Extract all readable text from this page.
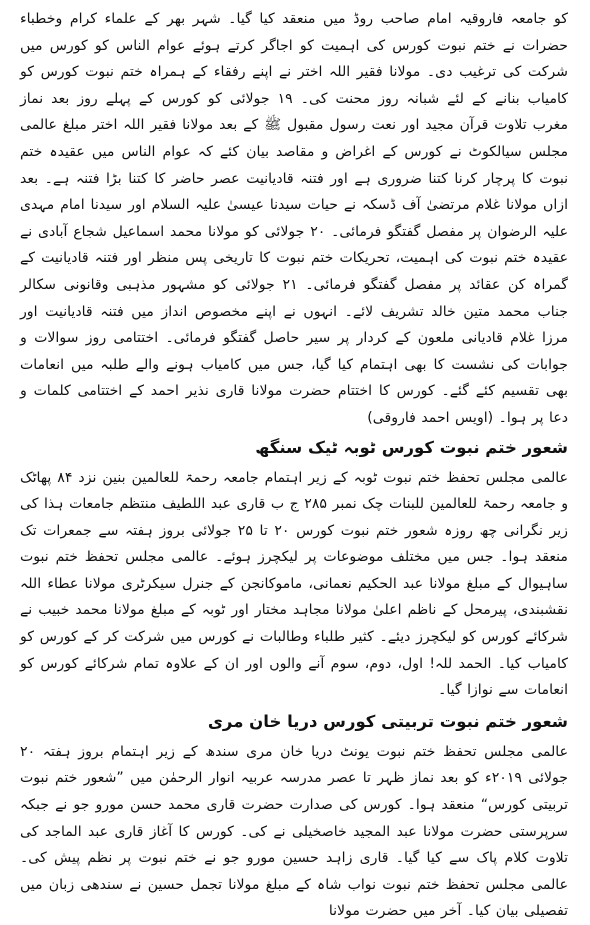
کو جامعہ فاروقیہ امام صاحب روڈ میں منعقد کیا گیا۔ شہر بھر کے علماء کرام وخطباء حضرات نے ختم نبوت کورس کی اہمیت کو اجاگر کرتے ہوئے عوام الناس کو کورس میں شرکت کی ترغیب دی۔ مولانا فقیر اللہ اختر نے اپنے رفقاء کے ہمراہ ختم نبوت کورس کو کامیاب بنانے کے لئے شبانہ روز محنت کی۔ ۱۹ جولائی کو کورس کے پہلے روز بعد نماز مغرب تلاوت قرآن مجید اور نعت رسول مقبول ﷺ کے بعد مولانا فقیر اللہ اختر مبلغ عالمی مجلس سیالکوٹ نے کورس کے اغراض و مقاصد بیان کئے کہ عوام الناس میں عقیدہ ختم نبوت کا پرچار کرنا کتنا ضروری ہے اور فتنہ قادیانیت عصر حاضر کا کتنا بڑا فتنہ ہے۔ بعد ازاں مولانا غلام مرتضیٰ آف ڈسکہ نے حیات سیدنا عیسیٰ علیہ السلام اور سیدنا امام مہدی علیہ الرضوان پر مفصل گفتگو فرمائی۔ ۲۰ جولائی کو مولانا محمد اسماعیل شجاع آبادی نے عقیدہ ختم نبوت کی اہمیت، تحریکات ختم نبوت کا تاریخی پس منظر اور فتنہ قادیانیت کے گمراہ کن عقائد پر مفصل گفتگو فرمائی۔ ۲۱ جولائی کو مشہور مذہبی وقانونی سکالر جناب محمد متین خالد تشریف لائے۔ انہوں نے اپنے مخصوص انداز میں فتنہ قادیانیت اور مرزا غلام قادیانی ملعون کے کردار پر سیر حاصل گفتگو فرمائی۔ اختتامی روز سوالات و جوابات کی نشست کا بھی اہتمام کیا گیا، جس میں کامیاب ہونے والے طلبہ میں انعامات بھی تقسیم کئے گئے۔ کورس کا اختتام حضرت مولانا قاری نذیر احمد کے اختتامی کلمات و دعا پر ہوا۔ (اویس احمد فاروقی)

شعور ختم نبوت کورس ٹوبہ ٹیک سنگھ

عالمی مجلس تحفظ ختم نبوت ٹوبہ کے زیر اہتمام جامعہ رحمۃ للعالمین بنین نزد ۸۴ پھاٹک و جامعہ رحمۃ للعالمین للبنات چک نمبر ۲۸۵ ج ب قاری عبد اللطیف منتظم جامعات ہذا کی زیر نگرانی چھ روزہ شعور ختم نبوت کورس ۲۰ تا ۲۵ جولائی بروز ہفتہ سے جمعرات تک منعقد ہوا۔ جس میں مختلف موضوعات پر لیکچرز ہوئے۔ عالمی مجلس تحفظ ختم نبوت ساہیوال کے مبلغ مولانا عبد الحکیم نعمانی، ماموکانجن کے جنرل سیکرٹری مولانا عطاء اللہ نقشبندی، پیرمحل کے ناظم اعلیٰ مولانا مجاہد مختار اور ٹوبہ کے مبلغ مولانا محمد خبیب نے شرکائے کورس کو لیکچرز دیئے۔ کثیر طلباء وطالبات نے کورس میں شرکت کر کے کورس کو کامیاب کیا۔ الحمد للہ! اول، دوم، سوم آنے والوں اور ان کے علاوہ تمام شرکائے کورس کو انعامات سے نوازا گیا۔

شعور ختم نبوت تربیتی کورس دریا خان مری

عالمی مجلس تحفظ ختم نبوت یونٹ دریا خان مری سندھ کے زیر اہتمام بروز ہفتہ ۲۰ جولائی ۲۰۱۹ء کو بعد نماز ظہر تا عصر مدرسہ عربیہ انوار الرحمٰن میں ”شعور ختم نبوت تربیتی کورس“ منعقد ہوا۔ کورس کی صدارت حضرت قاری محمد حسن مورو جو نے جبکہ سرپرستی حضرت مولانا عبد المجید خاصخیلی نے کی۔ کورس کا آغاز قاری عبد الماجد کی تلاوت کلام پاک سے کیا گیا۔ قاری زاہد حسین مورو جو نے ختم نبوت پر نظم پیش کی۔ عالمی مجلس تحفظ ختم نبوت نواب شاہ کے مبلغ مولانا تجمل حسین نے سندھی زبان میں تفصیلی بیان کیا۔ آخر میں حضرت مولانا
